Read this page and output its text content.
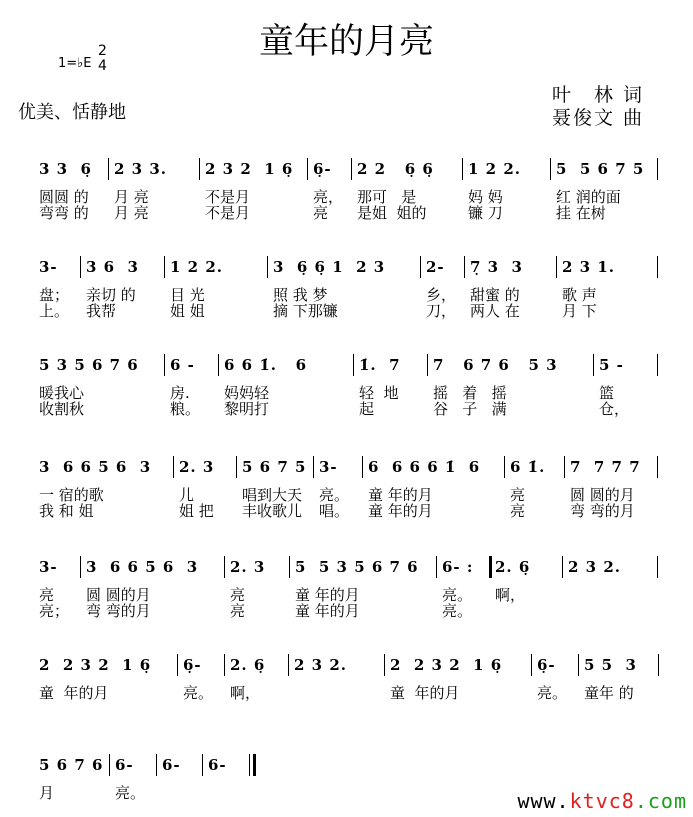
童年的月亮
1=♭E
2
4
优美、恬静地
叶　林 词
聂俊文 曲
3 3  6̣
圆圆 的
弯弯 的
2 3 3.
月 亮
月 亮
2 3 2  1 6̣
不是月
不是月
6̣-
亮，
亮
2 2   6̣ 6̣
那可   是
是姐  姐的
1 2 2.
妈 妈
镰 刀
5  5 6 7 5
红 润的面
挂 在树
3-
盘；
上。
3 6  3
亲切 的
我帮
1 2 2.
目 光
姐 姐
3  6̣ 6̣ 1  2 3
照 我 梦
摘 下那镰
2-
乡，
刀，
7̣ 3  3
甜蜜 的
两人 在
2 3 1.
歌 声
月 下
5 3 5 6 7 6
暖我心
收割秋
6 -
房.
粮。
6 6 1̇.   6
妈妈轻
黎明打
1̇.  7
轻  地
起
7   6 7 6   5 3
摇   着   摇
谷   子   满
5 -
篮
仓，
3  6 6 5 6  3
一 宿的歌
我 和 姐
2. 3
儿
姐 把
5 6 7 5
唱到大天
丰收歌儿
3-
亮。
唱。
6  6 6 6 1̇  6
童 年的月
童 年的月
6 1̇.
亮
亮
7  7 7 7
圆 圆的月
弯 弯的月
3-
亮
亮；
3  6 6 5 6  3
圆 圆的月
弯 弯的月
2. 3
亮
亮
5  5 3 5 6 7 6
童 年的月
童 年的月
6- :
亮。
亮。
2. 6̣
啊，
2 3 2.
2  2 3 2  1 6̣
童  年的月
6̣-
亮。
2. 6̣
啊，
2 3 2.	2  2 3 2  1 6̣
童  年的月
6̣-
亮。
5 5  3
童年 的
5 6 7 6
月
6-
亮。
6- 6-
www.ktvc8.com
